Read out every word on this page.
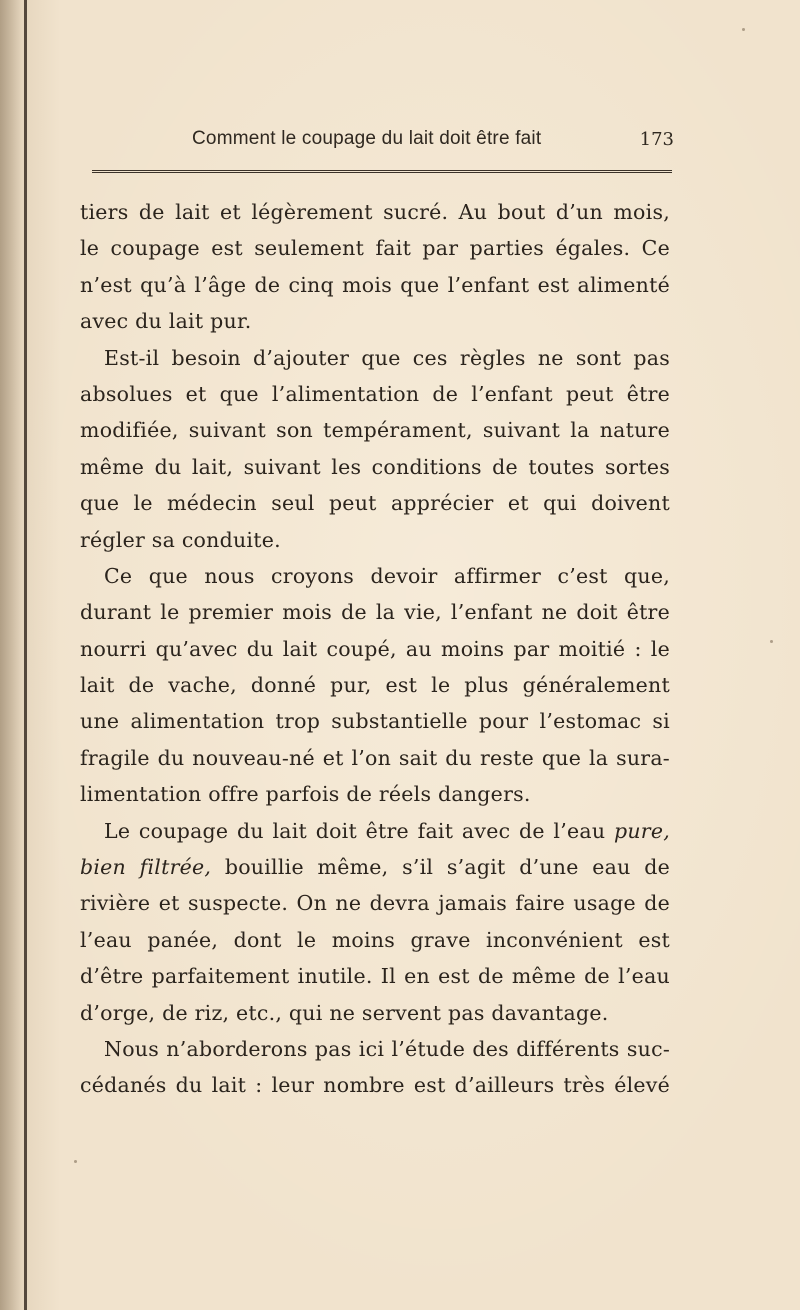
Comment le coupage du lait doit être fait	173
tiers de lait et légèrement sucré. Au bout d’un mois,
le coupage est seulement fait par parties égales. Ce
n’est qu’à l’âge de cinq mois que l’enfant est alimenté
avec du lait pur.
Est-il besoin d’ajouter que ces règles ne sont pas
absolues et que l’alimentation de l’enfant peut être
modifiée, suivant son tempérament, suivant la nature
même du lait, suivant les conditions de toutes sortes
que le médecin seul peut apprécier et qui doivent
régler sa conduite.
Ce que nous croyons devoir affirmer c’est que,
durant le premier mois de la vie, l’enfant ne doit être
nourri qu’avec du lait coupé, au moins par moitié : le
lait de vache, donné pur, est le plus généralement
une alimentation trop substantielle pour l’estomac si
fragile du nouveau-né et l’on sait du reste que la sura-
limentation offre parfois de réels dangers.
Le coupage du lait doit être fait avec de l’eau pure,
bien filtrée, bouillie même, s’il s’agit d’une eau de
rivière et suspecte. On ne devra jamais faire usage de
l’eau panée, dont le moins grave inconvénient est
d’être parfaitement inutile. Il en est de même de l’eau
d’orge, de riz, etc., qui ne servent pas davantage.
Nous n’aborderons pas ici l’étude des différents suc-
cédanés du lait : leur nombre est d’ailleurs très élevé
